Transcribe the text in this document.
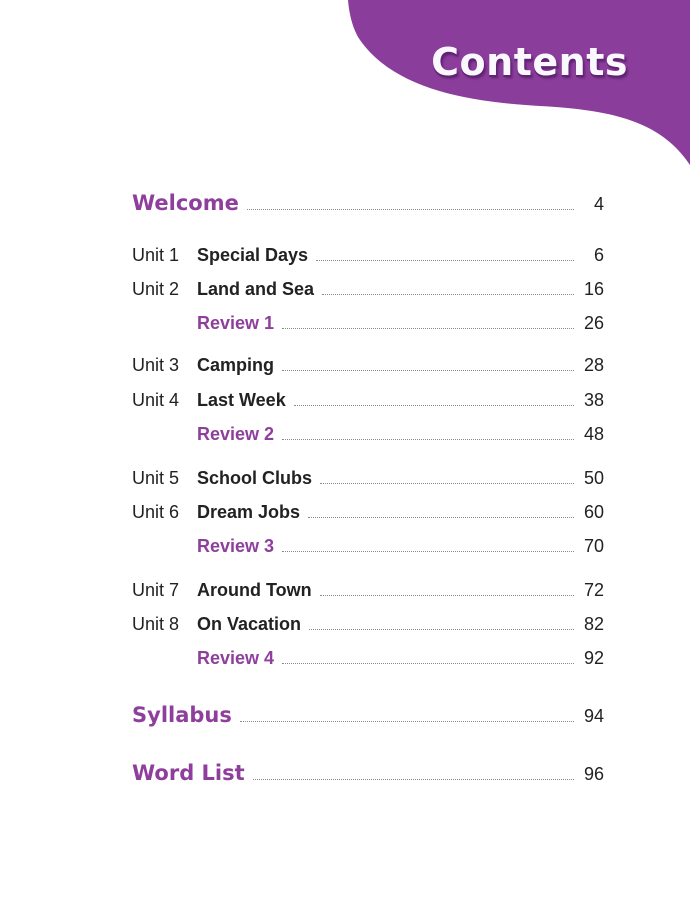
Contents
Welcome	4
Unit 1 Special Days	6
Unit 2 Land and Sea	16
Review 1	26
Unit 3 Camping	28
Unit 4 Last Week	38
Review 2	48
Unit 5 School Clubs	50
Unit 6 Dream Jobs	60
Review 3	70
Unit 7 Around Town	72
Unit 8 On Vacation	82
Review 4	92
Syllabus	94
Word List	96
